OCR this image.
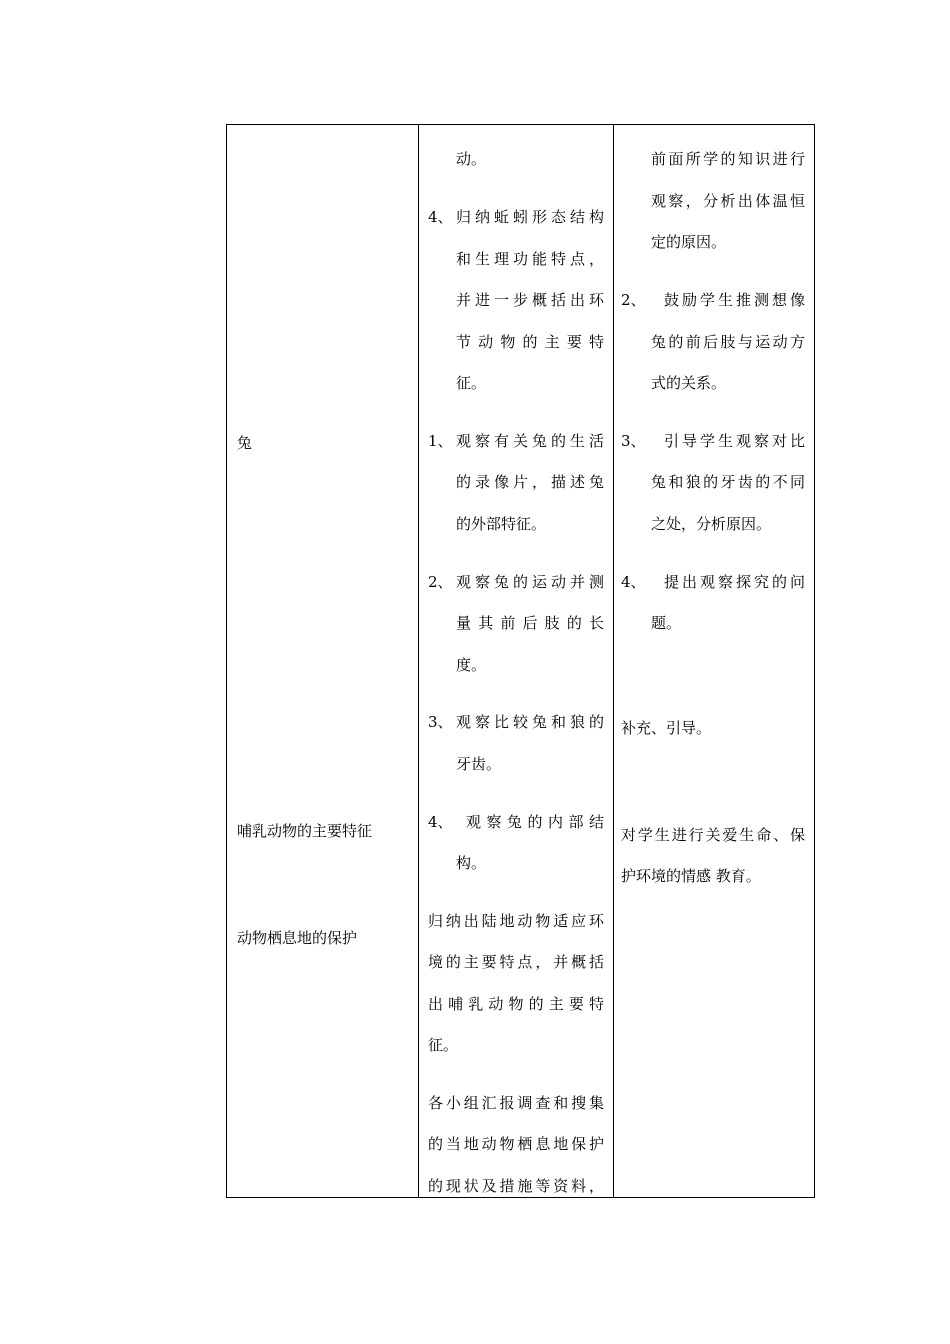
兔
哺乳动物的主要特征
动物栖息地的保护
动。
4、 归纳蚯蚓形态结构
和生理功能特点，
并进一步概括出环
节动物的主要特
征。
1、 观察有关兔的生活
的录像片，描述兔
的外部特征。
2、 观察兔的运动并测
量其前后肢的长
度。
3、 观察比较兔和狼的
牙齿。
4、 观察兔的内部结
构。
归纳出陆地动物适应环
境的主要特点，并概括
出哺乳动物的主要特
征。
各小组汇报调查和搜集
的当地动物栖息地保护
的现状及措施等资料，
前面所学的知识进行
观察，分析出体温恒
定的原因。
2、 鼓励学生推测想像
兔的前后肢与运动方
式的关系。
3、 引导学生观察对比
兔和狼的牙齿的不同
之处，分析原因。
4、 提出观察探究的问
题。
补充、引导。
对学生进行关爱生命、保
护环境的情感 教育。
